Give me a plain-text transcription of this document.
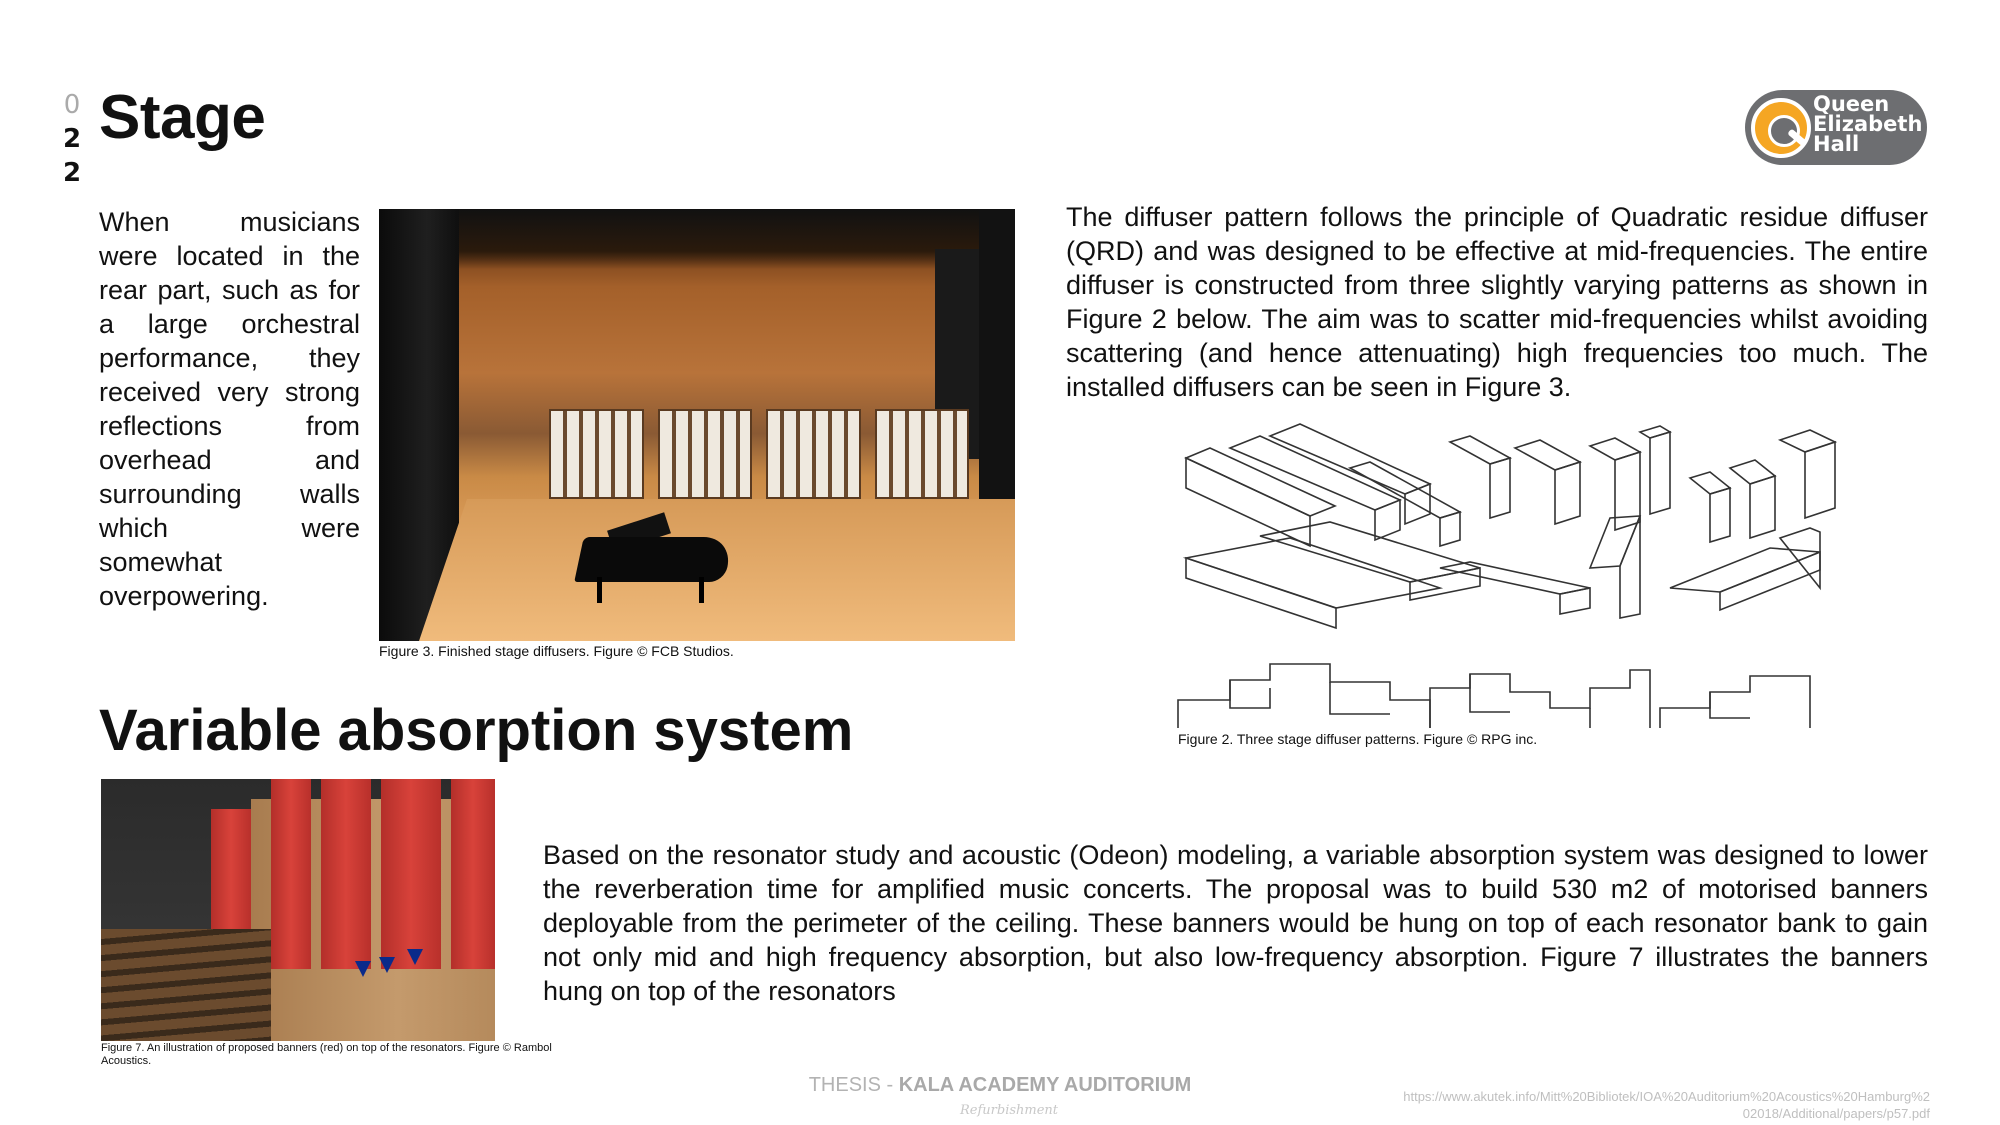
0
2
2
Stage	Queen
Elizabeth
Hall

When musicians were located in the rear part, such as for a large orchestral performance, they received very strong reflections from overhead and surrounding walls which were somewhat overpowering.

Figure 3. Finished stage diffusers. Figure © FCB Studios.

The diffuser pattern follows the principle of Quadratic residue diffuser (QRD) and was designed to be effective at mid-frequencies. The entire diffuser is constructed from three slightly varying patterns as shown in Figure 2 below. The aim was to scatter mid-frequencies whilst avoiding scattering (and hence attenuating) high frequencies too much. The installed diffusers can be seen in Figure 3.

Figure 2. Three stage diffuser patterns. Figure © RPG inc.
Variable absorption system
Figure 7. An illustration of proposed banners (red) on top of the resonators. Figure © Rambol Acoustics.

Based on the resonator study and acoustic (Odeon) modeling, a variable absorption system was designed to lower the reverberation time for amplified music concerts. The proposal was to build 530 m2 of motorised banners deployable from the perimeter of the ceiling. These banners would be hung on top of each resonator bank to gain not only mid and high frequency absorption, but also low-frequency absorption. Figure 7 illustrates the banners hung on top of the resonators

THESIS - KALA ACADEMY AUDITORIUM
Refurbishment
https://www.akutek.info/Mitt%20Bibliotek/IOA%20Auditorium%20Acoustics%20Hamburg%202018/Additional/papers/p57.pdf
